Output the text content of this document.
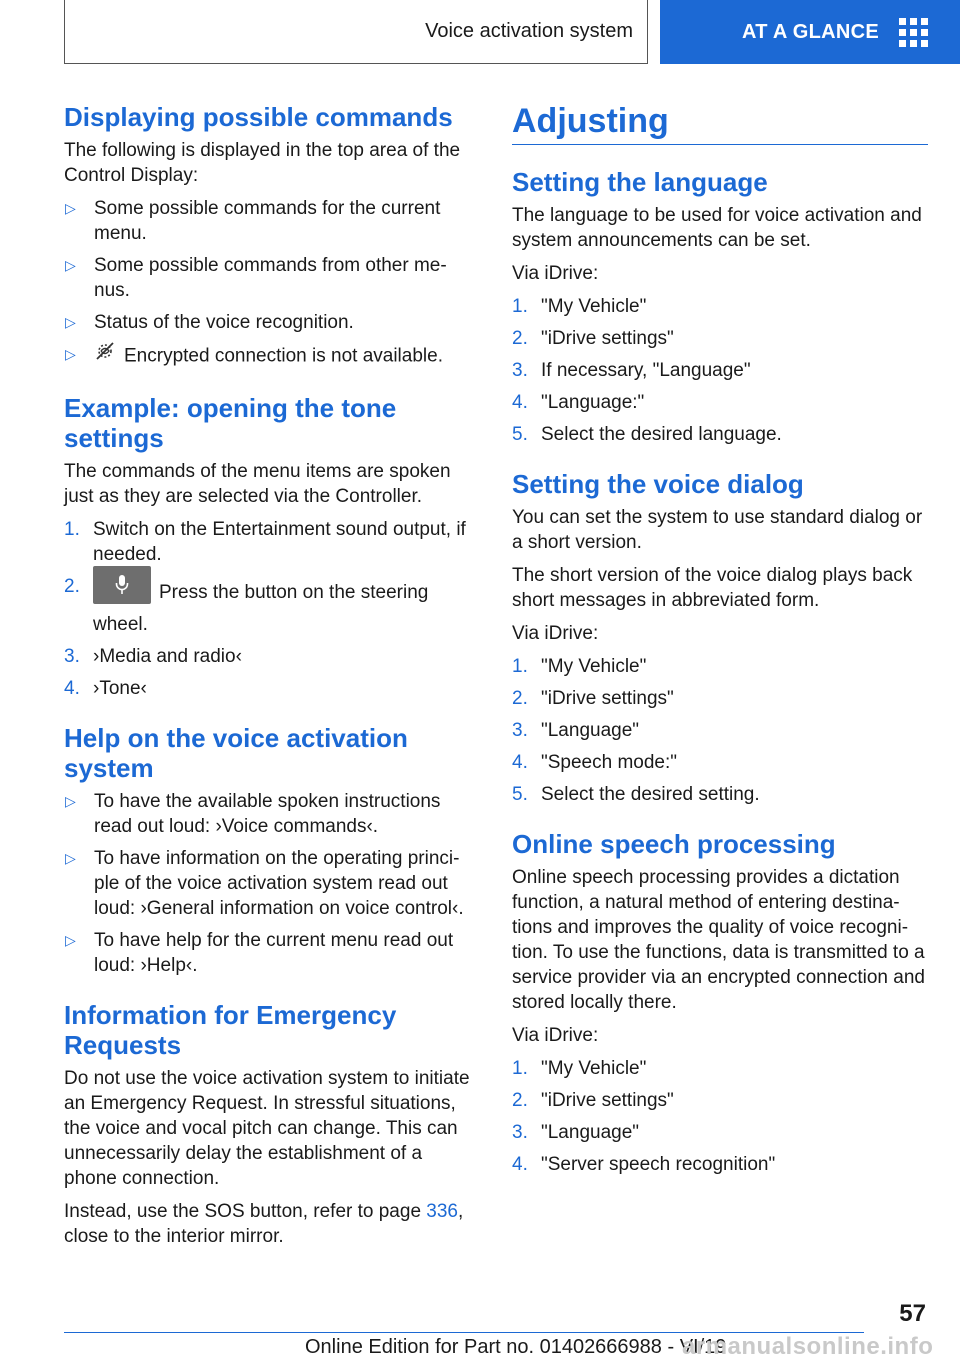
Voice activation system	AT A GLANCE
Displaying possible commands

The following is displayed in the top area of the Control Display:

▷ Some possible commands for the current menu.
▷ Some possible commands from other me-nus.
▷ Status of the voice recognition.
▷	Encrypted connection is not available.
Example: opening the tone settings

The commands of the menu items are spoken just as they are selected via the Controller.

1. Switch on the Entertainment sound output, if needed.
2.	Press the button on the steering wheel.
3. ›Media and radio‹
4. ›Tone‹
Help on the voice activation system
▷ To have the available spoken instructions read out loud: ›Voice commands‹.
▷ To have information on the operating princi-ple of the voice activation system read out loud: ›General information on voice control‹.
▷ To have help for the current menu read out loud: ›Help‹.
Information for Emergency Requests

Do not use the voice activation system to initiate an Emergency Request. In stressful situations, the voice and vocal pitch can change. This can unnecessarily delay the establishment of a phone connection.

Instead, use the SOS button, refer to page 336, close to the interior mirror.

Adjusting
Setting the language

The language to be used for voice activation and system announcements can be set.

Via iDrive:

1. "My Vehicle"
2. "iDrive settings"
3. If necessary, "Language"
4. "Language:"
5. Select the desired language.
Setting the voice dialog

You can set the system to use standard dialog or a short version.

The short version of the voice dialog plays back short messages in abbreviated form.

Via iDrive:

1. "My Vehicle"
2. "iDrive settings"
3. "Language"
4. "Speech mode:"
5. Select the desired setting.
Online speech processing

Online speech processing provides a dictation function, a natural method of entering destina-tions and improves the quality of voice recogni-tion. To use the functions, data is transmitted to a service provider via an encrypted connection and stored locally there.

Via iDrive:

1. "My Vehicle"
2. "iDrive settings"
3. "Language"
4. "Server speech recognition"
57
Online Edition for Part no. 01402666988 - VI/19
armanualsonline.info
